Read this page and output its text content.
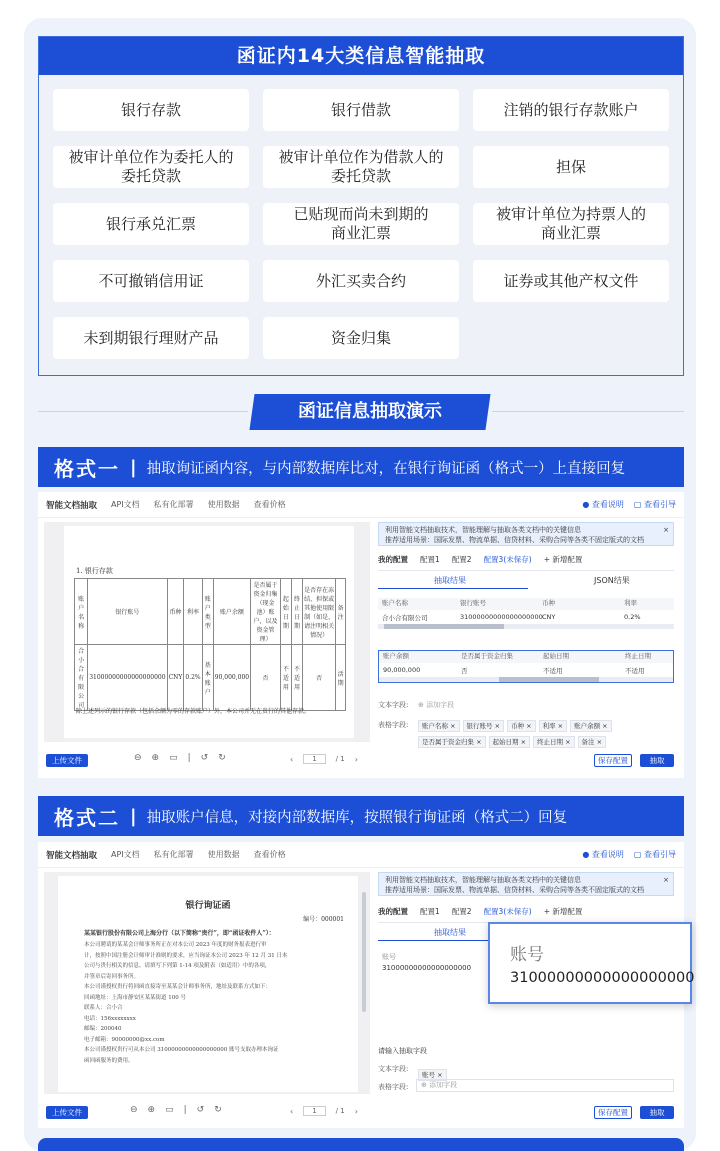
函证内14大类信息智能抽取
银行存款	银行借款	注销的银行存款账户
被审计单位作为委托人的
委托贷款
被审计单位作为借款人的
委托贷款
担保
银行承兑汇票
已贴现而尚未到期的
商业汇票
被审计单位为持票人的
商业汇票
不可撤销信用证	外汇买卖合约	证券或其他产权文件
未到期银行理财产品	资金归集
函证信息抽取演示
格式一 | 抽取询证函内容，与内部数据库比对，在银行询证函（格式一）上直接回复
智能文档抽取 API文档 私有化部署 使用数据 查看价格	● 查看说明 ▢ 查看引导
1. 银行存款
账户名称	银行账号	币种	利率	账户类型	账户余额	是否属于资金归集（现金池）账户，以及资金管理）	起始日期	终止日期	是否存在冻结、担保或其他使用限制（如是，请注明相关情况）	备注
合小合有限公司	31000000000000000000	CNY	0.2%	基本账户	90,000,000	否	不适用	不适用	否	活期
除上述列示的银行存款（包括余额为零的存款账户）外，本公司并无在贵行的其他存款。
上传文件	⊖ ⊕ ▭ | ↺ ↻	‹	1	/ 1 ›
利用智能文档抽取技术，智能理解与抽取各类文档中的关键信息
推荐适用场景：国际发票、物流单据、信贷材料、采购合同等各类不固定版式的文档
×
我的配置 配置1 配置2 配置3(未保存) + 新增配置
抽取结果	JSON结果
账户名称	银行账号	币种	利率
合小合有限公司	31000000000000000000 CNY	0.2%
账户余额	是否属于资金归集	起始日期	终止日期
90,000,000	否	不适用	不适用
文本字段: ⊕ 添加字段
表格字段:	账户名称 × 银行账号 × 币种 × 利率 × 账户余额 ×是否属于资金归集 × 起始日期 × 终止日期 × 备注 ×
保存配置	抽取
格式二 | 抽取账户信息，对接内部数据库，按照银行询证函（格式二）回复
智能文档抽取 API文档 私有化部署 使用数据 查看价格	● 查看说明 ▢ 查看引导
银行询证函
编号：000001
某某银行股份有限公司上海分行（以下简称“贵行”，即“函证收件人”）：
本公司聘请的某某会计师事务所正在对本公司 2023 年度的财务报表进行审
计，按照中国注册会计师审计准则的要求，应当询证本公司 2023 年 12 月 31 日本
公司与贵行相关的信息。请填写下列第 1-14 项及附表（如适用）中的各项，
并签章后寄回事务所。
本公司谨授权贵行将回函直接寄至某某会计师事务所，地址及联系方式如下：
回函地址：上海市静安区某某街道 100 号
联系人：合小合
电话：156xxxxxxxx
邮编：200040
电子邮箱：90000000@xx.com
本公司谨授权贵行可从本公司 31000000000000000000 账号支取办理本询证
函回函服务的费用。
上传文件	⊖ ⊕ ▭ | ↺ ↻	‹	1	/ 1 ›
利用智能文档抽取技术，智能理解与抽取各类文档中的关键信息
推荐适用场景：国际发票、物流单据、信贷材料、采购合同等各类不固定版式的文档
×
我的配置 配置1 配置2 配置3(未保存) + 新增配置
抽取结果
账号
31000000000000000000
请输入抽取字段
文本字段:
账号 ×
表格字段:	⊕ 添加字段
保存配置	抽取
账号
31000000000000000000
